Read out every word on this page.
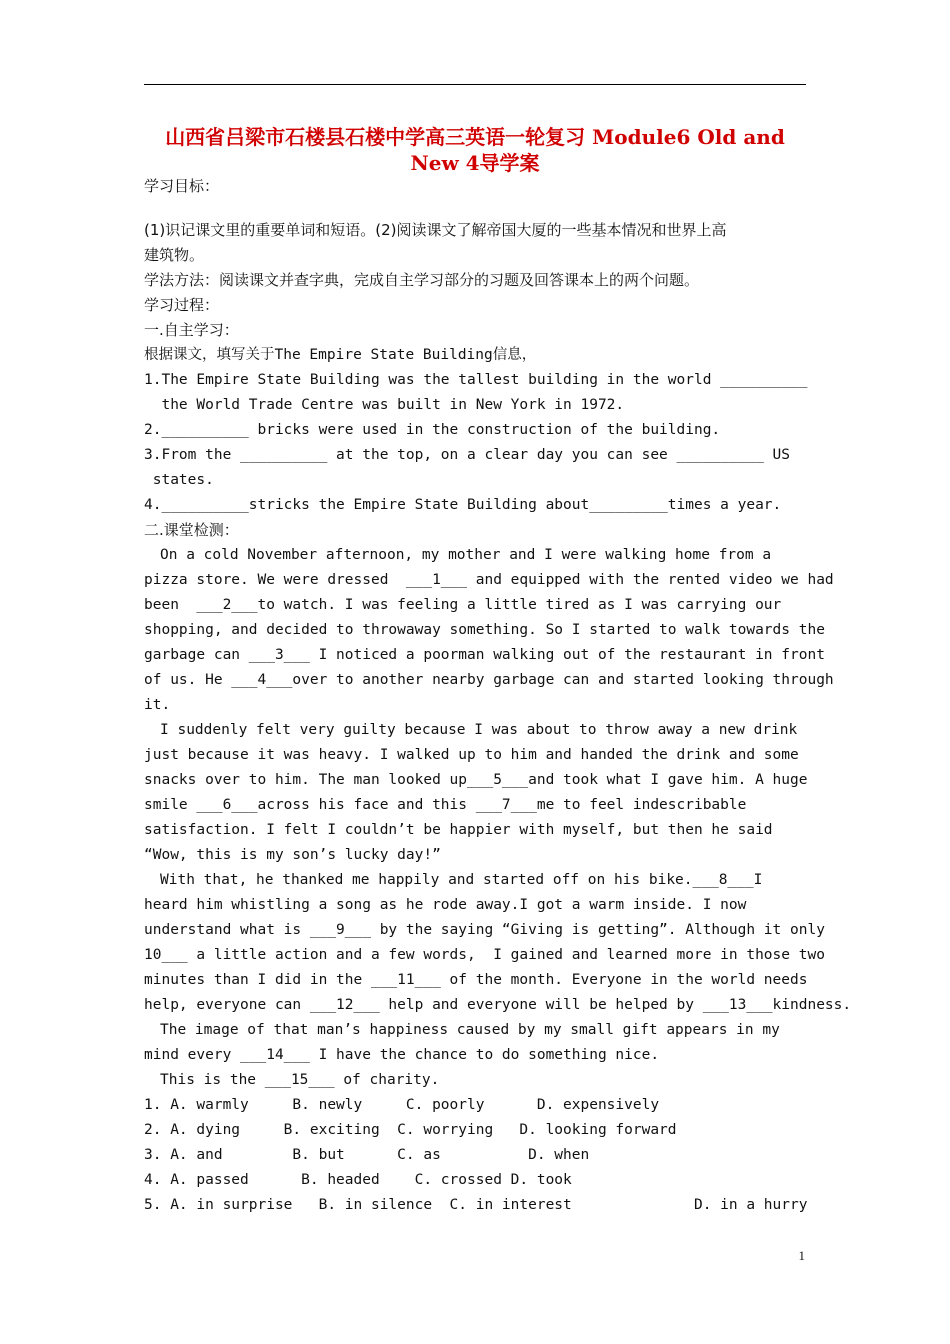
山西省吕梁市石楼县石楼中学高三英语一轮复习 Module6 Old and
New 4导学案
学习目标：
(1)识记课文里的重要单词和短语。(2)阅读课文了解帝国大厦的一些基本情况和世界上高
建筑物。
学法方法：阅读课文并查字典，完成自主学习部分的习题及回答课本上的两个问题。
学习过程：
一.自主学习：
根据课文，填写关于The Empire State Building信息，
1.The Empire State Building was the tallest building in the world __________
the World Trade Centre was built in New York in 1972.
2.__________ bricks were used in the construction of the building.
3.From the __________ at the top, on a clear day you can see __________ US
states.
4.__________stricks the Empire State Building about_________times a year.
二.课堂检测：
On a cold November afternoon, my mother and I were walking home from a
pizza store. We were dressed  ___1___ and equipped with the rented video we had
been  ___2___to watch. I was feeling a little tired as I was carrying our
shopping, and decided to throwaway something. So I started to walk towards the
garbage can ___3___ I noticed a poorman walking out of the restaurant in front
of us. He ___4___over to another nearby garbage can and started looking through
it.
I suddenly felt very guilty because I was about to throw away a new drink
just because it was heavy. I walked up to him and handed the drink and some
snacks over to him. The man looked up___5___and took what I gave him. A huge
smile ___6___across his face and this ___7___me to feel indescribable
satisfaction. I felt I couldn’t be happier with myself, but then he said
“Wow, this is my son’s lucky day!”
With that, he thanked me happily and started off on his bike.___8___I
heard him whistling a song as he rode away.I got a warm inside. I now
understand what is ___9___ by the saying “Giving is getting”. Although it only
10___ a little action and a few words,  I gained and learned more in those two
minutes than I did in the ___11___ of the month. Everyone in the world needs
help, everyone can ___12___ help and everyone will be helped by ___13___kindness.
The image of that man’s happiness caused by my small gift appears in my
mind every ___14___ I have the chance to do something nice.
This is the ___15___ of charity.
1. A. warmly     B. newly     C. poorly      D. expensively
2. A. dying     B. exciting  C. worrying   D. looking forward
3. A. and        B. but      C. as          D. when
4. A. passed      B. headed    C. crossed D. took
5. A. in surprise   B. in silence  C. in interest              D. in a hurry
1
